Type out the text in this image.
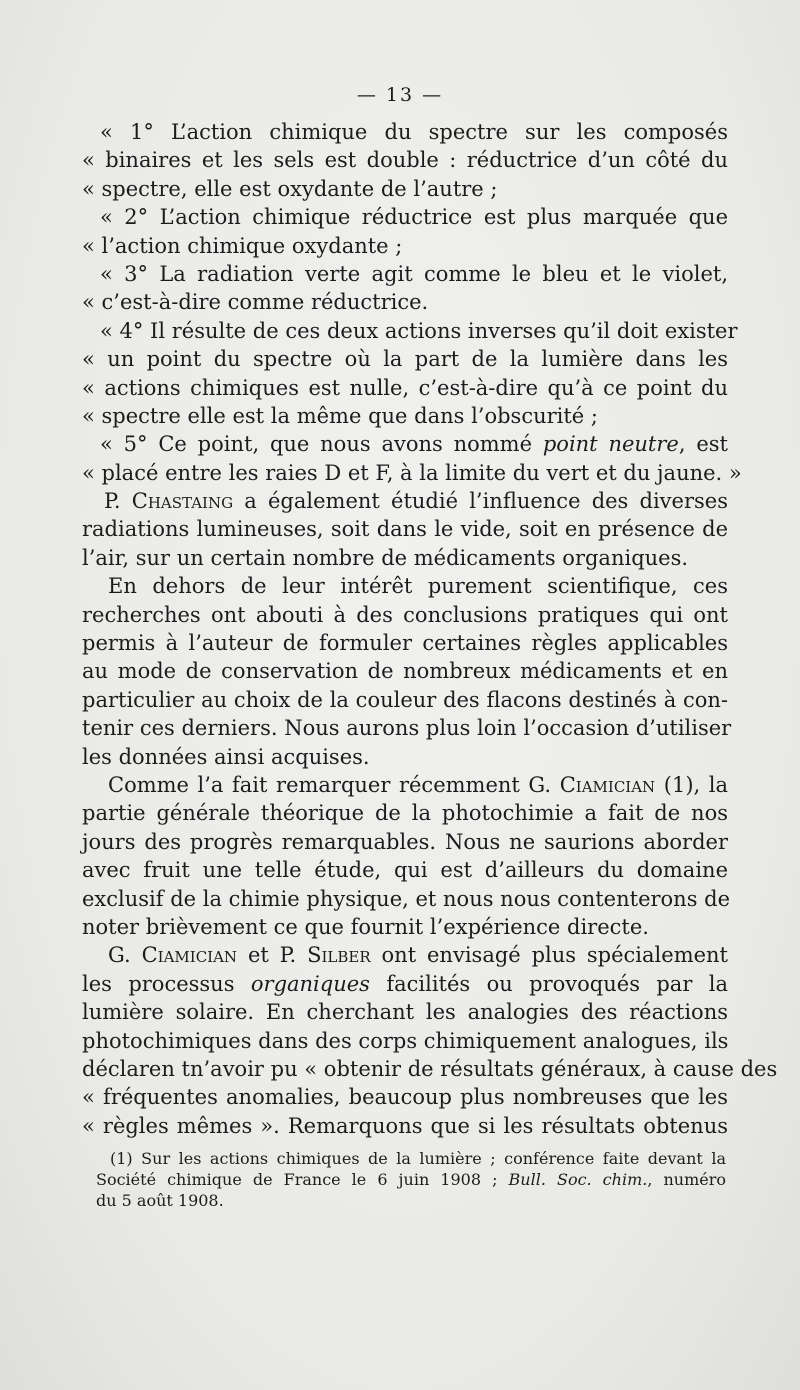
— 13 —
« 1° L’action chimique du spectre sur les composés
« binaires et les sels est double : réductrice d’un côté du
« spectre, elle est oxydante de l’autre ;
« 2° L’action chimique réductrice est plus marquée que
« l’action chimique oxydante ;
« 3° La radiation verte agit comme le bleu et le violet,
« c’est-à-dire comme réductrice.
« 4° Il résulte de ces deux actions inverses qu’il doit exister
« un point du spectre où la part de la lumière dans les
« actions chimiques est nulle, c’est-à-dire qu’à ce point du
« spectre elle est la même que dans l’obscurité ;
« 5° Ce point, que nous avons nommé point neutre, est
« placé entre les raies D et F, à la limite du vert et du jaune. »
P. Chastaing a également étudié l’influence des diverses
radiations lumineuses, soit dans le vide, soit en présence de
l’air, sur un certain nombre de médicaments organiques.
En dehors de leur intérêt purement scientifique, ces
recherches ont abouti à des conclusions pratiques qui ont
permis à l’auteur de formuler certaines règles applicables
au mode de conservation de nombreux médicaments et en
particulier au choix de la couleur des flacons destinés à con-
tenir ces derniers. Nous aurons plus loin l’occasion d’utiliser
les données ainsi acquises.
Comme l’a fait remarquer récemment G. Ciamician (1), la
partie générale théorique de la photochimie a fait de nos
jours des progrès remarquables. Nous ne saurions aborder
avec fruit une telle étude, qui est d’ailleurs du domaine
exclusif de la chimie physique, et nous nous contenterons de
noter brièvement ce que fournit l’expérience directe.
G. Ciamician et P. Silber ont envisagé plus spécialement
les processus organiques facilités ou provoqués par la
lumière solaire. En cherchant les analogies des réactions
photochimiques dans des corps chimiquement analogues, ils
déclaren tn’avoir pu « obtenir de résultats généraux, à cause des
« fréquentes anomalies, beaucoup plus nombreuses que les
« règles mêmes ». Remarquons que si les résultats obtenus
(1) Sur les actions chimiques de la lumière ; conférence faite devant la
Société chimique de France le 6 juin 1908 ; Bull. Soc. chim., numéro
du 5 août 1908.
